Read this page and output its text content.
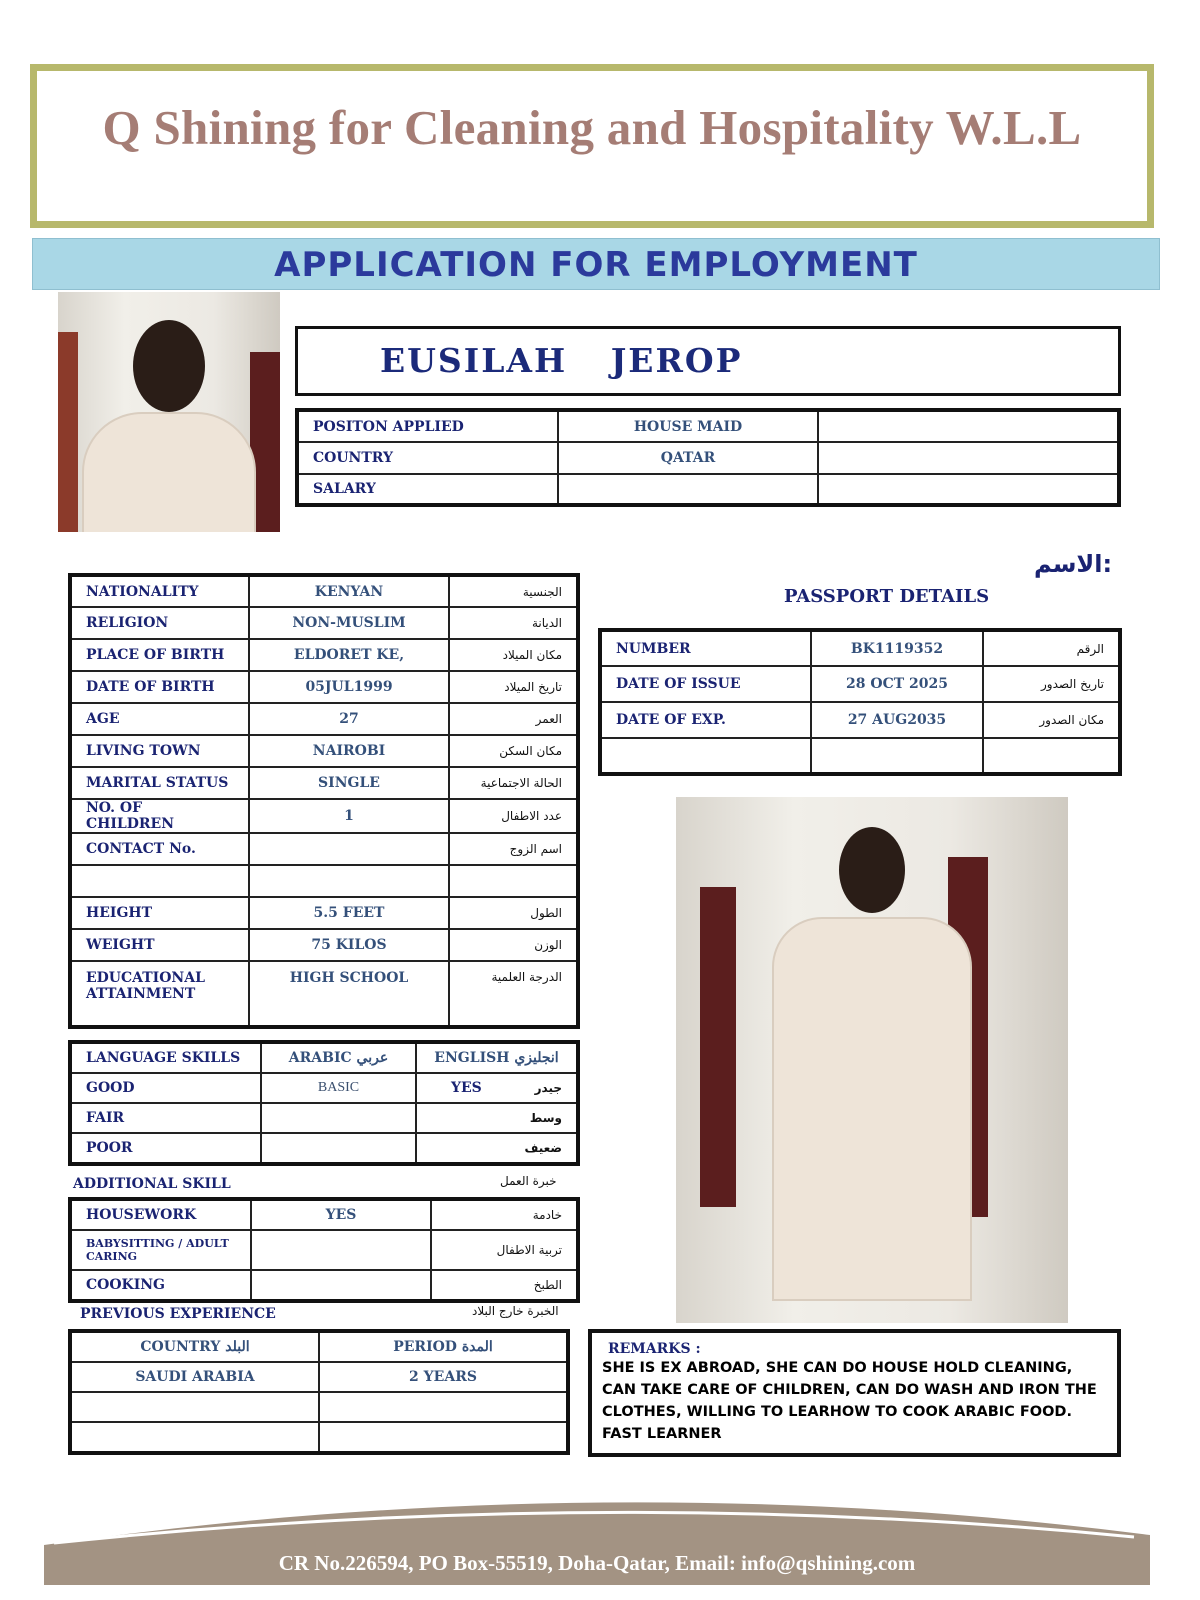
Q Shining for Cleaning and Hospitality W.L.L
APPLICATION FOR EMPLOYMENT
EUSILAH JEROP
POSITON APPLIED	HOUSE MAID	
COUNTRY	QATAR	
SALARY		
الاسم:
PASSPORT DETAILS
NATIONALITY	KENYAN	الجنسية
RELIGION	NON-MUSLIM	الديانة
PLACE OF BIRTH	ELDORET KE,	مكان الميلاد
DATE OF BIRTH	05JUL1999	تاريخ الميلاد
AGE	27	العمر
LIVING TOWN	NAIROBI	مكان السكن
MARITAL STATUS	SINGLE	الحالة الاجتماعية
NO. OF CHILDREN	1	عدد الاطفال
CONTACT No.		اسم الزوج

HEIGHT	5.5 FEET	الطول
WEIGHT	75 KILOS	الوزن
EDUCATIONAL ATTAINMENT	HIGH SCHOOL	الدرجة العلمية
NUMBER	BK1119352	الرقم
DATE OF ISSUE	28 OCT 2025	تاريخ الصدور
DATE OF EXP.	27 AUG2035	مكان الصدور

LANGUAGE SKILLS	ARABIC عربي	ENGLISH انجليزي
GOOD	BASIC	YES جيدر
FAIR		وسط
POOR		ضعيف
ADDITIONAL SKILL	خبرة العمل
HOUSEWORK	YES	خادمة
BABYSITTING / ADULT CARING		تربية الاطفال
COOKING		الطبخ
PREVIOUS EXPERIENCE	الخبرة خارج البلاد
COUNTRY البلد	PERIOD المدة
SAUDI ARABIA	2 YEARS

REMARKS :
SHE IS EX ABROAD, SHE CAN DO HOUSE HOLD CLEANING, CAN TAKE CARE OF CHILDREN, CAN DO WASH AND IRON THE CLOTHES, WILLING TO LEARHOW TO COOK ARABIC FOOD. FAST LEARNER
CR No.226594, PO Box-55519, Doha-Qatar, Email: info@qshining.com
